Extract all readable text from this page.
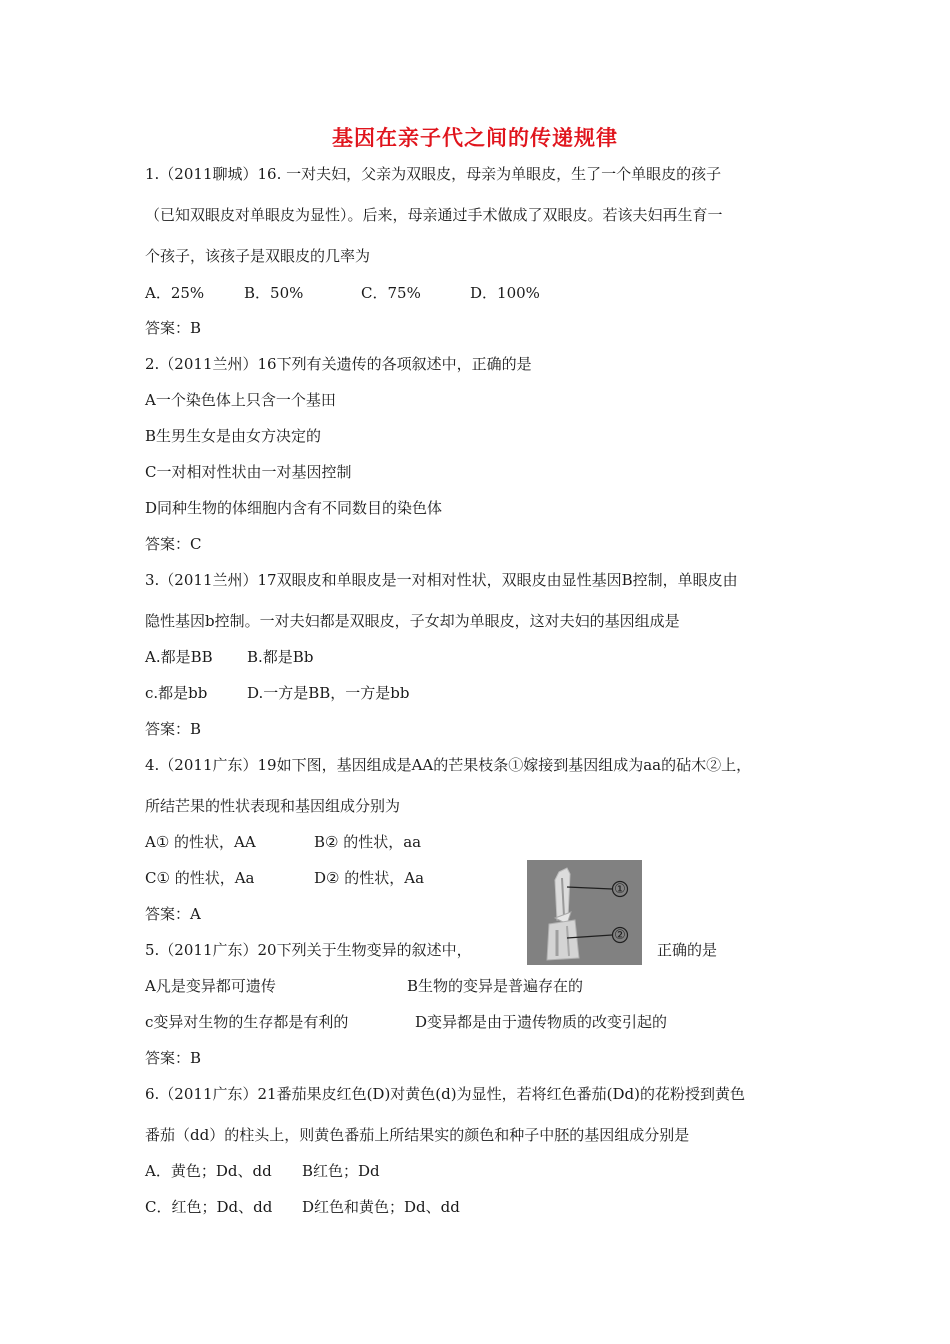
基因在亲子代之间的传递规律
1.（2011聊城）16. 一对夫妇，父亲为双眼皮，母亲为单眼皮，生了一个单眼皮的孩子
（已知双眼皮对单眼皮为显性）。后来，母亲通过手术做成了双眼皮。若该夫妇再生育一
个孩子，该孩子是双眼皮的几率为
A．25%	B．50%	C．75%	D．100%
答案：B
2.（2011兰州）16下列有关遗传的各项叙述中，正确的是
A一个染色体上只含一个基田
B生男生女是由女方决定的
C一对相对性状由一对基因控制
D同种生物的体细胞内含有不同数目的染色体
答案：C
3.（2011兰州）17双眼皮和单眼皮是一对相对性状，双眼皮由显性基因B控制，单眼皮由
隐性基因b控制。一对夫妇都是双眼皮，子女却为单眼皮，这对夫妇的基因组成是
A.都是BB B.都是Bb
c.都是bb	D.一方是BB，一方是bb
答案：B
4.（2011广东）19如下图，基因组成是AA的芒果枝条①嫁接到基因组成为aa的砧木②上，
所结芒果的性状表现和基因组成分别为
A① 的性状，AA	B② 的性状，aa
C① 的性状，Aa	D② 的性状，Aa
答案：A
①
②
5.（2011广东）20下列关于生物变异的叙述中，	正确的是
A凡是变异都可遗传	B生物的变异是普遍存在的
c变异对生物的生存都是有利的	D变异都是由于遗传物质的改变引起的
答案：B
6.（2011广东）21番茄果皮红色(D)对黄色(d)为显性，若将红色番茄(Dd)的花粉授到黄色
番茄（dd）的柱头上，则黄色番茄上所结果实的颜色和种子中胚的基因组成分别是
A．黄色；Dd、dd B红色；Dd
C．红色；Dd、dd D红色和黄色；Dd、dd
